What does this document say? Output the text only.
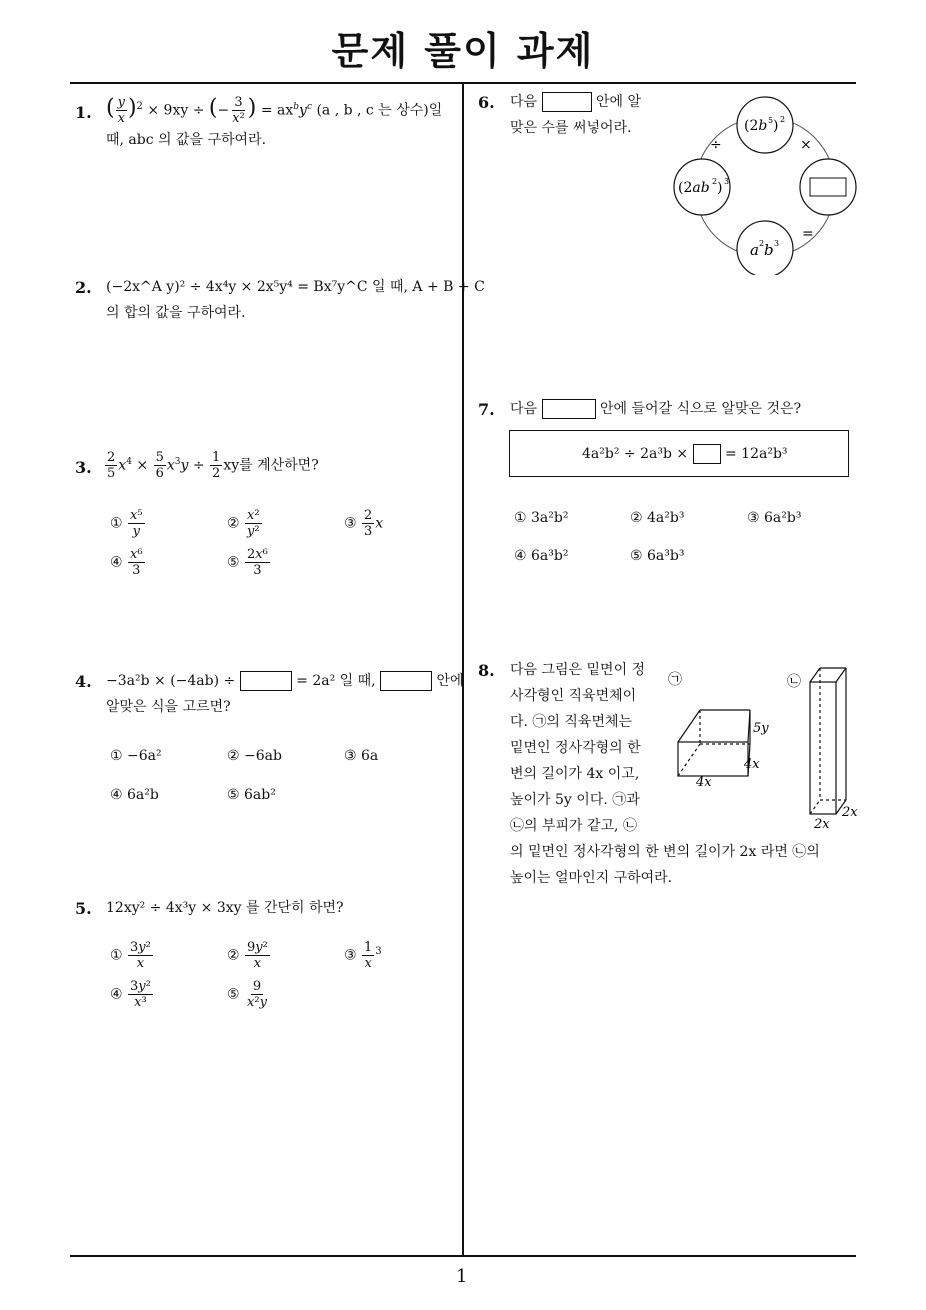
문제 풀이 과제
1
1. ( $\frac{y}{x} )^2 \times 9xy$ ÷ (− $\frac{3}{\text{x²}}$ ) = $ax^by^c$ (a , b , c 는 상수)일
때, abc 의 값을 구하여라.
2. (−2x^A y)² ÷ 4x⁴y × 2x⁵y⁴ = Bx⁷y^C 일 때, A + B + C
의 합의 값을 구하여라.
3. $\frac{2}{5} x^4 \times \frac{5}{6} x^3y \div \frac{1}{2}$ xy를 계산하면?
① $\frac{\text{x⁵}}{y}$	② $\frac{\text{x²}}{\text{y²}}$	③ $\frac{2}{3}$ x
④ $\frac{\text{x⁶}}{3}$	⑤ $\frac{\text{2x⁶}}{3}$
4. −3a²b × (−4ab) ÷	= 2a² 일 때,	안에
알맞은 식을 고르면?
① −6a²	② −6ab	③ 6a
④ 6a²b	⑤ 6ab²
5. 12xy² ÷ 4x³y × 3xy 를 간단히 하면?
① $\frac{\text{3y²}}{x}$	② $\frac{\text{9y²}}{x}$	③ $\frac{1}{x} ^3$
④ $\frac{\text{3y²}}{\text{x³}}$	⑤ $\frac{9}{\text{x²y}}$
6. 다음	안에 알
맞은 수를 써넣어라.	(2b 5 ) 2
(2ab 2 ) 3
a 2 b 3
÷	×
=
7. 다음	안에 들어갈 식으로 알맞은 것은?
4a²b² ÷ 2a³b ×	= 12a²b³
① 3a²b²	② 4a²b³	③ 6a²b³
④ 6a³b²	⑤ 6a³b³
8. 다음 그림은 밑면이 정
사각형인 직육면체이
다. ㉠의 직육면체는
밑면인 정사각형의 한
변의 길이가 4x 이고,
높이가 5y 이다. ㉠과
㉡의 부피가 같고, ㉡
의 밑면인 정사각형의 한 변의 길이가 2x 라면 ㉡의
높이는 얼마인지 구하여라.
㉠	㉡
5y
4x
4x
2x
2x
